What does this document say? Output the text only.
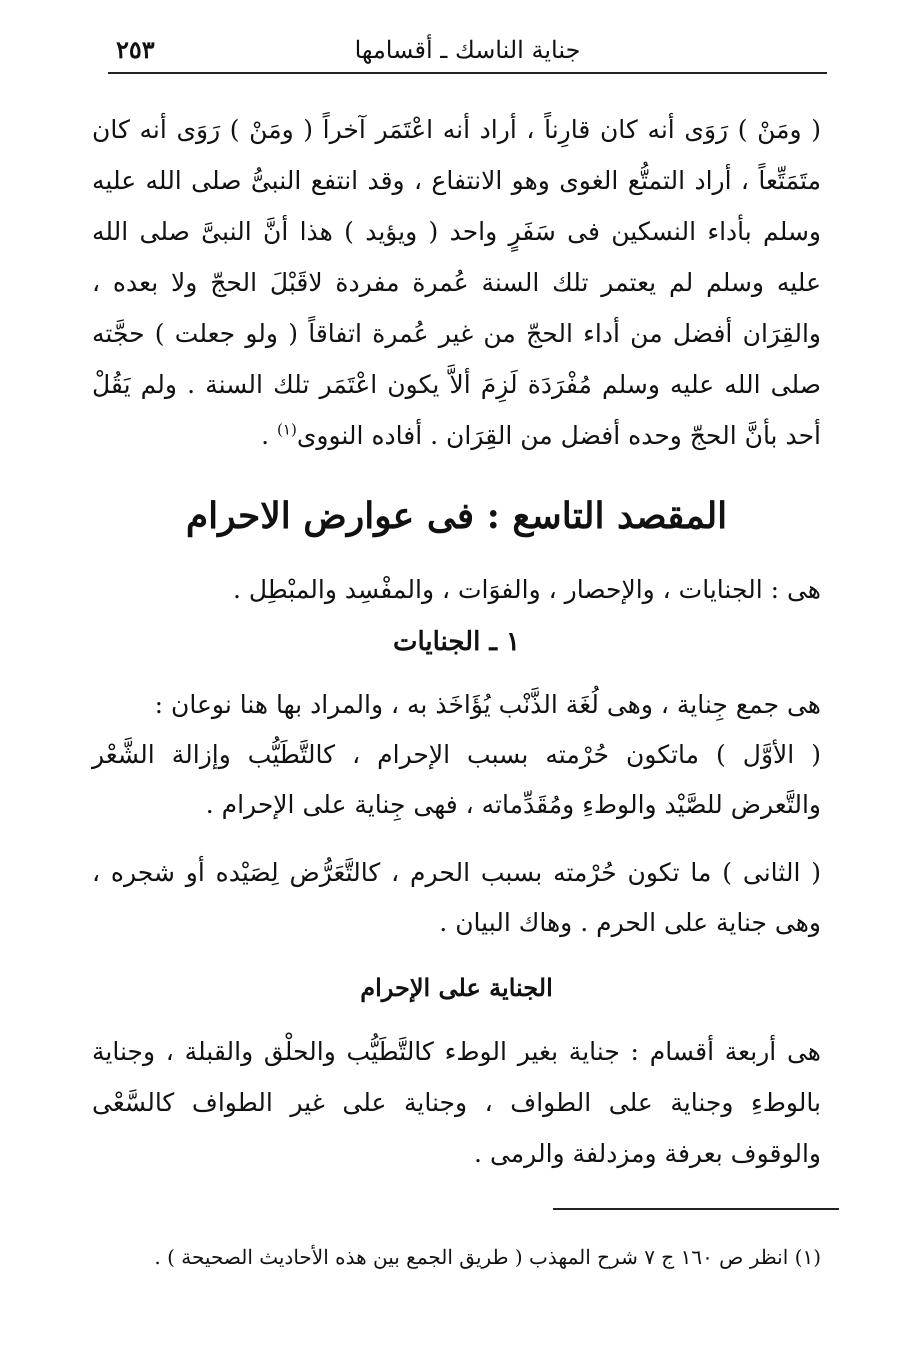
جناية الناسك ـ أقسامها
٢٥٣
( ومَنْ ) رَوَى أنه كان قارِناً ، أراد أنه اعْتَمَر آخراً ( ومَنْ ) رَوَى أنه كان متَمَتِّعاً ، أراد التمتُّع الغوى وهو الانتفاع ، وقد انتفع النبىُّ صلى الله عليه وسلم بأداء النسكين فى سَفَرٍ واحد ( ويؤيد ) هذا أنَّ النبىَّ صلى الله عليه وسلم لم يعتمر تلك السنة عُمرة مفردة لاقَبْلَ الحجّ ولا بعده ، والقِرَان أفضل من أداء الحجّ من غير عُمرة اتفاقاً ( ولو جعلت ) حجَّته صلى الله عليه وسلم مُفْرَدَة لَزِمَ ألاَّ يكون اعْتَمَر تلك السنة . ولم يَقُلْ أحد بأنَّ الحجّ وحده أفضل من القِرَان . أفاده النووى$^{(١)}$ .
المقصد التاسع : فى عوارض الاحرام
هى : الجنايات ، والإحصار ، والفوَات ، والمفْسِد والمبْطِل .
١ ـ الجنايات
هى جمع جِناية ، وهى لُغَة الذَّنْب يُؤَاخَذ به ، والمراد بها هنا نوعان :
( الأوَّل ) ماتكون حُرْمته بسبب الإحرام ، كالتَّطَيُّب وإزالة الشَّعْر والتَّعرض للصَّيْد والوطءِ ومُقَدِّماته ، فهى جِناية على الإحرام .
( الثانى ) ما تكون حُرْمته بسبب الحرم ، كالتَّعَرُّض لِصَيْده أو شجره ، وهى جناية على الحرم . وهاك البيان .
الجناية على الإحرام
هى أربعة أقسام : جناية بغير الوطء كالتَّطَيُّب والحلْق والقبلة ، وجناية بالوطءِ وجناية على الطواف ، وجناية على غير الطواف كالسَّعْى والوقوف بعرفة ومزدلفة والرمى .
(١) انظر ص ١٦٠ ج ٧ شرح المهذب ( طريق الجمع بين هذه الأحاديث الصحيحة ) .
